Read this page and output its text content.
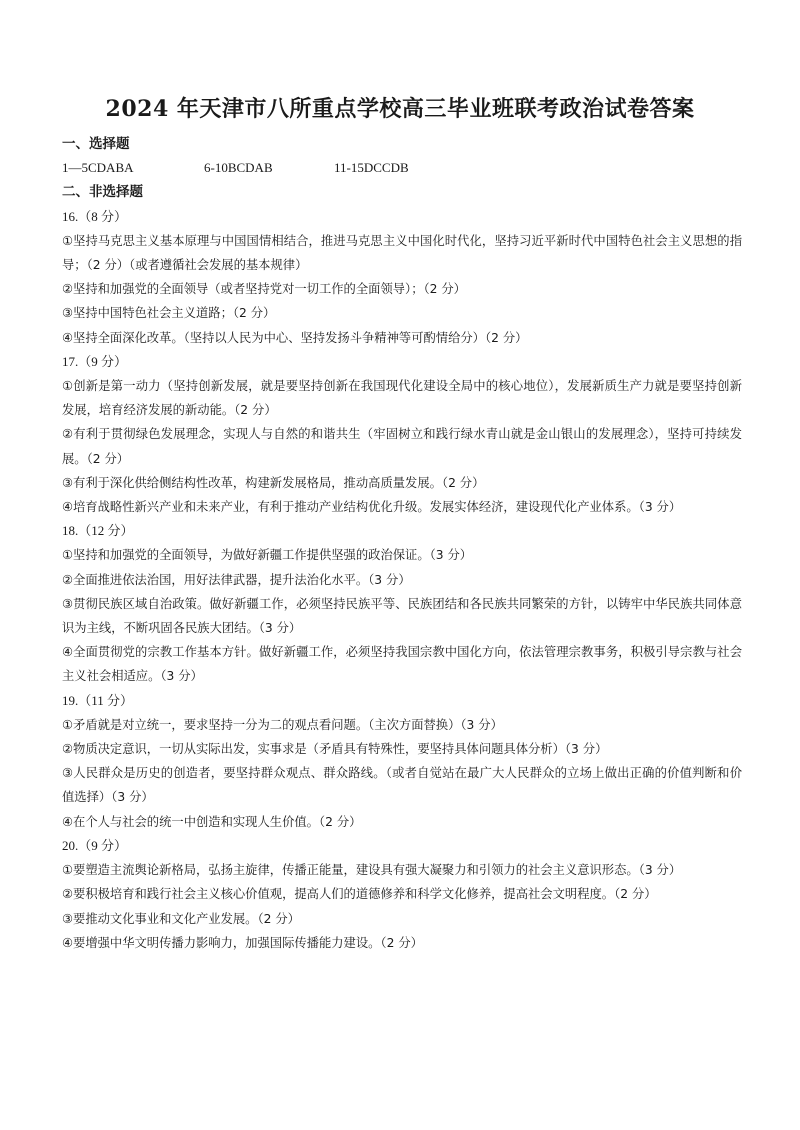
2024 年天津市八所重点学校高三毕业班联考政治试卷答案
一、选择题
1—5CDABA	6-10BCDAB	11-15DCCDB
二、非选择题
16.（8 分）
①坚持马克思主义基本原理与中国国情相结合，推进马克思主义中国化时代化，坚持习近平新时代中国特色社会主义思想的指导；（2 分）（或者遵循社会发展的基本规律）
②坚持和加强党的全面领导（或者坚持党对一切工作的全面领导）；（2 分）
③坚持中国特色社会主义道路；（2 分）
④坚持全面深化改革。（坚持以人民为中心、坚持发扬斗争精神等可酌情给分）（2 分）
17.（9 分）
①创新是第一动力（坚持创新发展，就是要坚持创新在我国现代化建设全局中的核心地位），发展新质生产力就是要坚持创新发展，培育经济发展的新动能。（2 分）
②有利于贯彻绿色发展理念，实现人与自然的和谐共生（牢固树立和践行绿水青山就是金山银山的发展理念），坚持可持续发展。（2 分）
③有利于深化供给侧结构性改革，构建新发展格局，推动高质量发展。（2 分）
④培育战略性新兴产业和未来产业，有利于推动产业结构优化升级。发展实体经济，建设现代化产业体系。（3 分）
18.（12 分）
①坚持和加强党的全面领导，为做好新疆工作提供坚强的政治保证。（3 分）
②全面推进依法治国，用好法律武器，提升法治化水平。（3 分）
③贯彻民族区域自治政策。做好新疆工作，必须坚持民族平等、民族团结和各民族共同繁荣的方针，以铸牢中华民族共同体意识为主线，不断巩固各民族大团结。（3 分）
④全面贯彻党的宗教工作基本方针。做好新疆工作，必须坚持我国宗教中国化方向，依法管理宗教事务，积极引导宗教与社会主义社会相适应。（3 分）
19.（11 分）
①矛盾就是对立统一，要求坚持一分为二的观点看问题。（主次方面替换）（3 分）
②物质决定意识，一切从实际出发，实事求是（矛盾具有特殊性，要坚持具体问题具体分析）（3 分）
③人民群众是历史的创造者，要坚持群众观点、群众路线。（或者自觉站在最广大人民群众的立场上做出正确的价值判断和价值选择）（3 分）
④在个人与社会的统一中创造和实现人生价值。（2 分）
20.（9 分）
①要塑造主流舆论新格局，弘扬主旋律，传播正能量，建设具有强大凝聚力和引领力的社会主义意识形态。（3 分）
②要积极培育和践行社会主义核心价值观，提高人们的道德修养和科学文化修养，提高社会文明程度。（2 分）
③要推动文化事业和文化产业发展。（2 分）
④要增强中华文明传播力影响力，加强国际传播能力建设。（2 分）
